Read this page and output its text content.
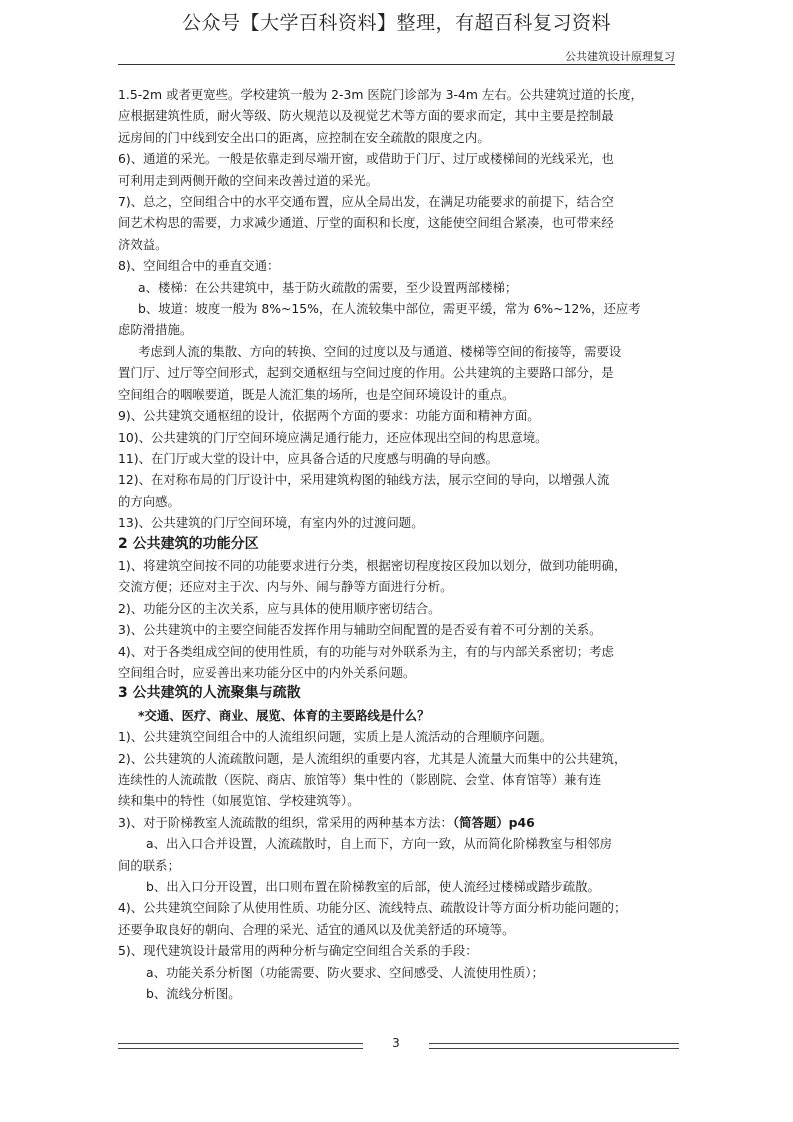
公众号【大学百科资料】整理，有超百科复习资料
公共建筑设计原理复习

1.5-2m 或者更宽些。学校建筑一般为 2-3m 医院门诊部为 3-4m 左右。公共建筑过道的长度，

应根据建筑性质，耐火等级、防火规范以及视觉艺术等方面的要求而定，其中主要是控制最

远房间的门中线到安全出口的距离，应控制在安全疏散的限度之内。

6)、通道的采光。一般是依靠走到尽端开窗，或借助于门厅、过厅或楼梯间的光线采光，也

可利用走到两侧开敞的空间来改善过道的采光。

7)、总之，空间组合中的水平交通布置，应从全局出发，在满足功能要求的前提下，结合空

间艺术构思的需要，力求减少通道、厅堂的面积和长度，这能使空间组合紧凑，也可带来经

济效益。

8)、空间组合中的垂直交通：

a、楼梯：在公共建筑中，基于防火疏散的需要，至少设置两部楼梯；

b、坡道：坡度一般为 8%~15%，在人流较集中部位，需更平缓，常为 6%~12%，还应考

虑防滑措施。

考虑到人流的集散、方向的转换、空间的过度以及与通道、楼梯等空间的衔接等，需要设

置门厅、过厅等空间形式，起到交通枢纽与空间过度的作用。公共建筑的主要路口部分，是

空间组合的咽喉要道，既是人流汇集的场所，也是空间环境设计的重点。

9)、公共建筑交通枢纽的设计，依据两个方面的要求：功能方面和精神方面。

10)、公共建筑的门厅空间环境应满足通行能力，还应体现出空间的构思意境。

11)、在门厅或大堂的设计中，应具备合适的尺度感与明确的导向感。

12)、在对称布局的门厅设计中，采用建筑构图的轴线方法，展示空间的导向，以增强人流

的方向感。

13)、公共建筑的门厅空间环境，有室内外的过渡问题。

2 公共建筑的功能分区

1)、将建筑空间按不同的功能要求进行分类，根据密切程度按区段加以划分，做到功能明确，

交流方便；还应对主于次、内与外、闹与静等方面进行分析。

2)、功能分区的主次关系，应与具体的使用顺序密切结合。

3)、公共建筑中的主要空间能否发挥作用与辅助空间配置的是否妥有着不可分割的关系。

4)、对于各类组成空间的使用性质，有的功能与对外联系为主，有的与内部关系密切；考虑

空间组合时，应妥善出来功能分区中的内外关系问题。

3 公共建筑的人流聚集与疏散

*交通、医疗、商业、展览、体育的主要路线是什么？

1)、公共建筑空间组合中的人流组织问题，实质上是人流活动的合理顺序问题。

2)、公共建筑的人流疏散问题，是人流组织的重要内容，尤其是人流量大而集中的公共建筑，

连续性的人流疏散（医院、商店、旅馆等）集中性的（影剧院、会堂、体育馆等）兼有连

续和集中的特性（如展览馆、学校建筑等）。

3)、对于阶梯教室人流疏散的组织，常采用的两种基本方法：（简答题）p46

a、出入口合并设置，人流疏散时，自上而下，方向一致，从而简化阶梯教室与相邻房

间的联系；

b、出入口分开设置，出口则布置在阶梯教室的后部，使人流经过楼梯或踏步疏散。

4)、公共建筑空间除了从使用性质、功能分区、流线特点、疏散设计等方面分析功能问题的；

还要争取良好的朝向、合理的采光、适宜的通风以及优美舒适的环境等。

5)、现代建筑设计最常用的两种分析与确定空间组合关系的手段：

a、功能关系分析图（功能需要、防火要求、空间感受、人流使用性质）；

b、流线分析图。

3
